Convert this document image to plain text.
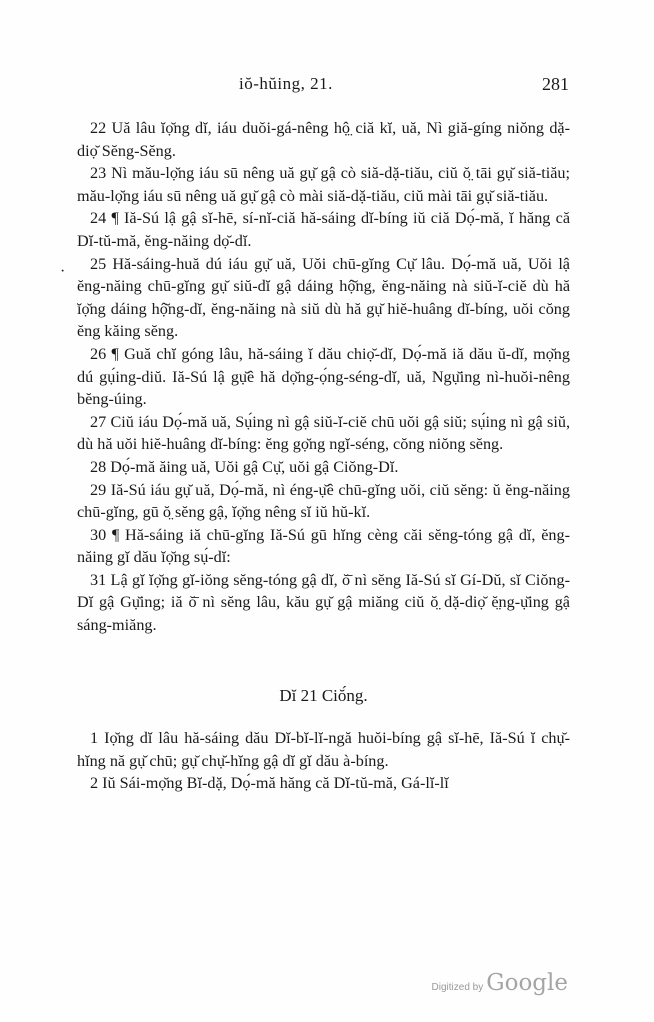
iŏ-hŭing, 21.	281
·

22 Uă lâu ĭọ̆ng dĭ, iáu duŏi-gá-nêng hộ̤ ciă kĭ, uă, Nì giă-gíng niŏng dặ-diọ̆ Sĕng-Sĕng.

23 Nì mău-lọ̆ng iáu sū nêng uă gụ̆ gậ cò siă-dặ-tiău, ciŭ ŏ̤ tāi gụ̆ siă-tiău; mău-lọ̆ng iáu sū nêng uă gụ̆ gậ cò mài siă-dặ-tiău, ciŭ mài tāi gụ̆ siă-tiău.

24 ¶ Iă-Sú lậ gậ sĭ-hē, sí-nĭ-ciă hă-sáing dĭ-bíng iŭ ciă Dọ́-mă, ĭ hăng că Dĭ-tŭ-mă, ĕng-năing dọ̆-dĭ.

25 Hă-sáing-huă dú iáu gụ̆ uă, Uŏi chū-gĭng Cụ̆ lâu. Dọ́-mă uă, Uŏi lậ ĕng-năing chū-gĭng gụ̆ siŭ-dĭ gậ dáing hộ̆ng, ĕng-năing nà siŭ-ĭ-ciĕ dù hă ĭọ̆ng dáing hộ̆ng-dĭ, ĕng-năing nà siŭ dù hă gụ̆ hiĕ-huâng dĭ-bíng, uŏi cŏng ĕng kăing sĕng.

26 ¶ Guă chĭ góng lâu, hă-sáing ĭ dău chiọ̆-dĭ, Dọ́-mă iă dău ŭ-dĭ, mọ̆ng dú gụ́ing-diŭ. Iă-Sú lậ gụ̆ê hă dọ̆ng-ọ́ng-séng-dĭ, uă, Ngụ̆ing nì-huŏi-nêng bĕng-úing.

27 Ciŭ iáu Dọ́-mă uă, Sụ́ing nì gậ siŭ-ĭ-ciĕ chū uŏi gậ siŭ; sụ́ing nì gậ siŭ, dù hă uŏi hiĕ-huâng dĭ-bíng: ĕng gọ̆ng ngĭ-séng, cŏng niŏng sĕng.

28 Dọ́-mă ăing uă, Uŏi gậ Cụ̆, uŏi gậ Ciŏng-Dĭ.

29 Iă-Sú iáu gụ̆ uă, Dọ́-mă, nì éng-ụ̆ê chū-gĭng uŏi, ciŭ sĕng: ŭ ĕng-năing chū-gĭng, gū ŏ̤ sĕng gậ, ĭọ̆ng nêng sĭ iŭ hŭ-kĭ.

30 ¶ Hă-sáing iă chū-gĭng Iă-Sú gū hĭng cèng căi sĕng-tóng gậ dĭ, ĕng-năing gĭ dău ĭọ̆ng sụ́-dĭ:

31 Lậ gĭ ĭọ̆ng gĭ-iŏng sĕng-tóng gậ dĭ, ŏ̄ nì sĕng Iă-Sú sĭ Gí-Dŭ, sĭ Ciŏng-Dĭ gậ Gụ̆ing; iă ŏ̄ nì sĕng lâu, kău gụ̆ gậ miăng ciŭ ŏ̤ dặ-diọ̆ ĕ̤ng-ụ̆ing gậ sáng-miăng.

Dĭ 21 Ciŏ́ng.

1 Iọ̆ng dĭ lâu hă-sáing dău Dĭ-bĭ-lĭ-ngă huŏi-bíng gậ sĭ-hē, Iă-Sú ĭ chụ̆-hĭng nă gụ̆ chū; gụ̆ chụ̆-hĭng gậ dĭ gĭ dău à-bíng.

2 Iŭ Sái-mọ̆ng Bĭ-dặ, Dọ́-mă hăng că Dĭ-tŭ-mă, Gá-lĭ-lĭ

Digitized by Google
